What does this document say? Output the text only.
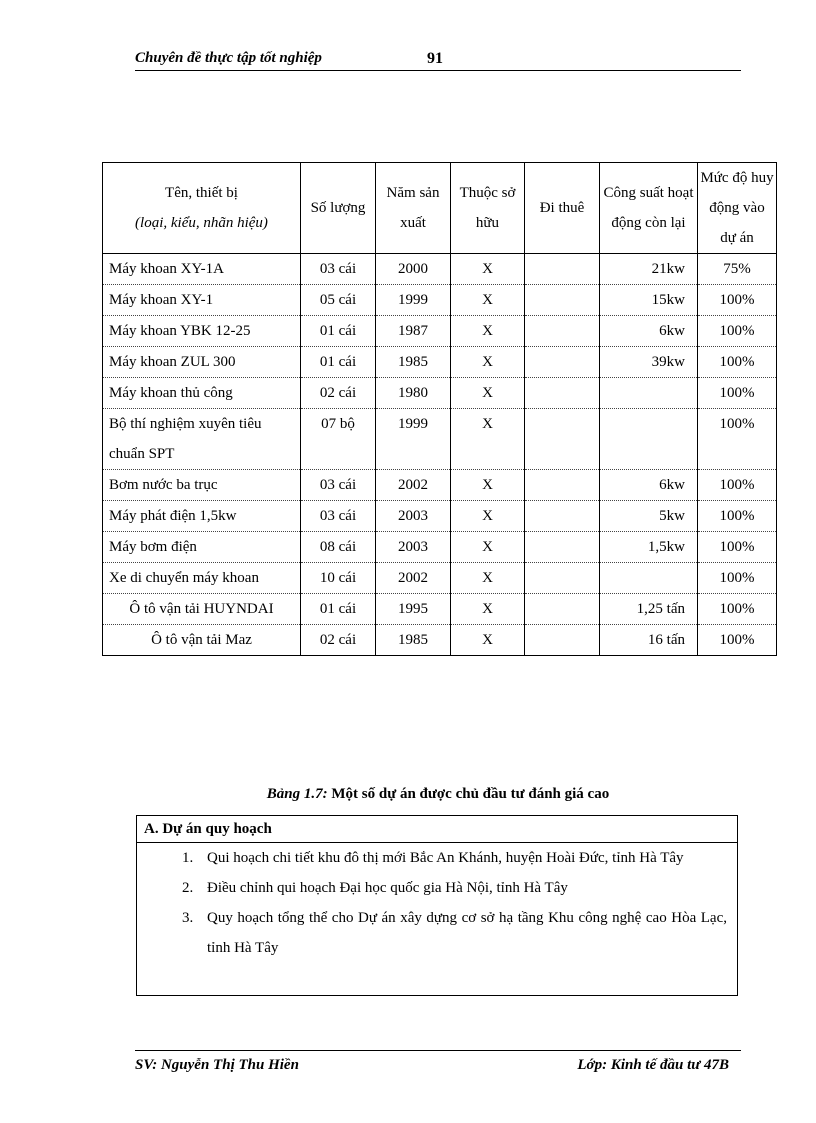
Chuyên đề thực tập tốt nghiệp	91
Tên, thiết bị
(loại, kiểu, nhãn hiệu)	Số lượng	Năm sản xuất	Thuộc sở hữu	Đi thuê	Công suất hoạt động còn lại	Mức độ huy động vào dự án
Máy khoan XY-1A	03 cái	2000	X		21kw	75%
Máy khoan XY-1	05 cái	1999	X		15kw	100%
Máy khoan YBK 12-25	01 cái	1987	X		6kw	100%
Máy khoan ZUL 300	01 cái	1985	X		39kw	100%
Máy khoan thủ công	02 cái	1980	X			100%
Bộ thí nghiệm xuyên tiêu chuẩn SPT	07 bộ	1999	X			100%
Bơm nước ba trục	03 cái	2002	X		6kw	100%
Máy phát điện 1,5kw	03 cái	2003	X		5kw	100%
Máy bơm điện	08 cái	2003	X		1,5kw	100%
Xe di chuyển máy khoan	10 cái	2002	X			100%
Ô tô vận tải HUYNDAI	01 cái	1995	X		1,25 tấn	100%
Ô tô vận tải Maz	02 cái	1985	X		16 tấn	100%
Bảng 1.7: Một số dự án được chủ đầu tư đánh giá cao
A. Dự án quy hoạch
1. Qui hoạch chi tiết khu đô thị mới Bắc An Khánh, huyện Hoài Đức, tỉnh Hà Tây
2. Điều chỉnh qui hoạch Đại học quốc gia Hà Nội, tỉnh Hà Tây
3. Quy hoạch tổng thể cho Dự án xây dựng cơ sở hạ tầng Khu công nghệ cao Hòa Lạc, tỉnh Hà Tây
SV: Nguyễn Thị Thu Hiền	Lớp: Kinh tế đầu tư 47B
